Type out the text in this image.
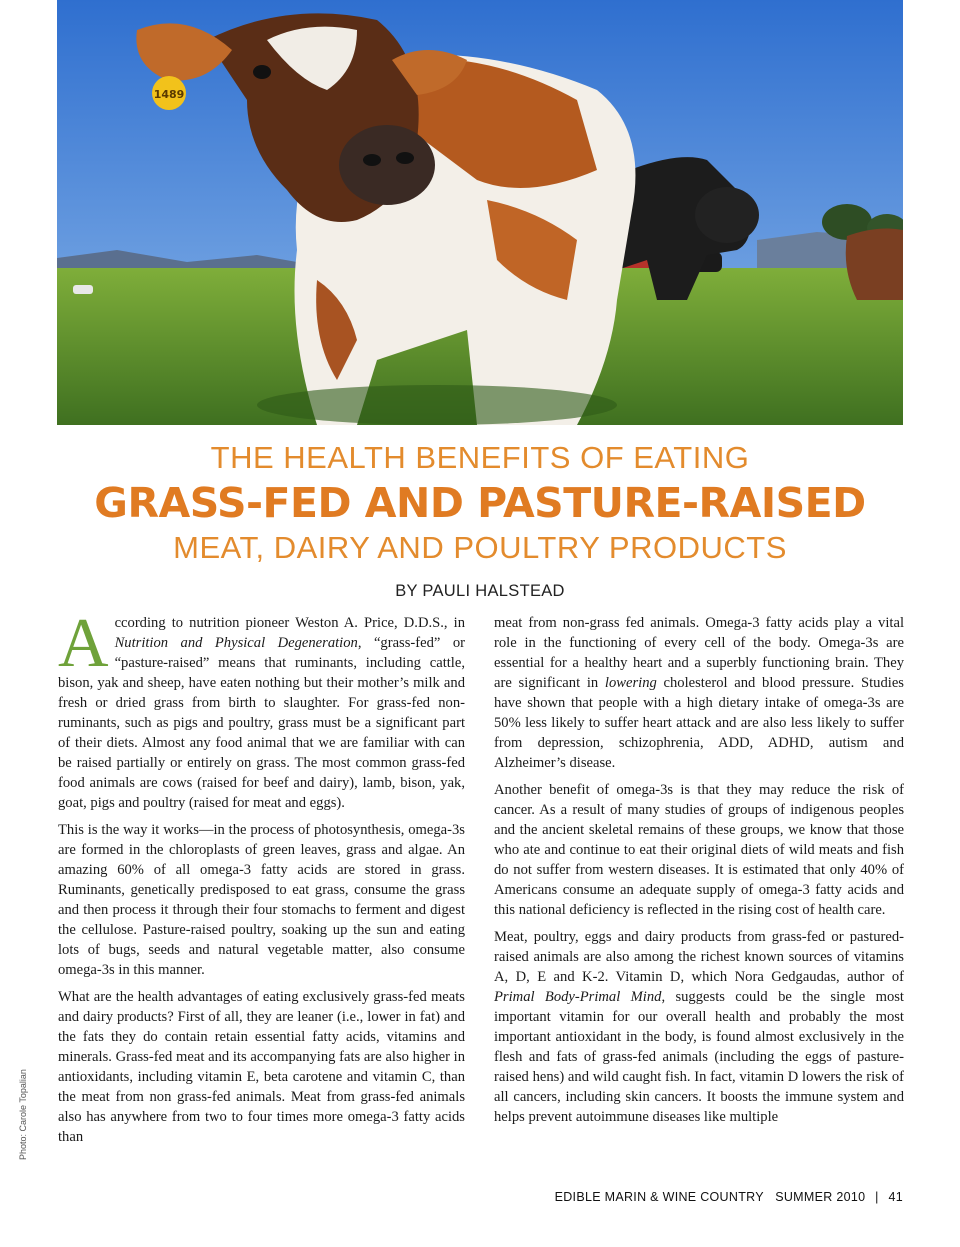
1489
THE HEALTH BENEFITS OF EATING
GRASS-FED AND PASTURE-RAISED
MEAT, DAIRY AND POULTRY PRODUCTS
BY PAULI HALSTEAD

According to nutrition pioneer Weston A. Price, D.D.S., in Nutrition and Physical Degeneration, “grass-fed” or “pasture-raised” means that ruminants, including cattle, bison, yak and sheep, have eaten nothing but their mother’s milk and fresh or dried grass from birth to slaughter. For grass-fed non-ruminants, such as pigs and poultry, grass must be a significant part of their diets. Almost any food animal that we are familiar with can be raised partially or entirely on grass. The most common grass-fed food animals are cows (raised for beef and dairy), lamb, bison, yak, goat, pigs and poultry (raised for meat and eggs).

This is the way it works—in the process of photosynthesis, omega-3s are formed in the chloroplasts of green leaves, grass and algae. An amazing 60% of all omega-3 fatty acids are stored in grass. Ruminants, genetically predisposed to eat grass, consume the grass and then process it through their four stomachs to ferment and digest the cellulose. Pasture-raised poultry, soaking up the sun and eating lots of bugs, seeds and natural vegetable matter, also consume omega-3s in this manner.

What are the health advantages of eating exclusively grass-fed meats and dairy products? First of all, they are leaner (i.e., lower in fat) and the fats they do contain retain essential fatty acids, vitamins and minerals. Grass-fed meat and its accompanying fats are also higher in antioxidants, including vitamin E, beta carotene and vitamin C, than the meat from non grass-fed animals. Meat from grass-fed animals also has anywhere from two to four times more omega-3 fatty acids than

meat from non-grass fed animals. Omega-3 fatty acids play a vital role in the functioning of every cell of the body. Omega-3s are essential for a healthy heart and a superbly functioning brain. They are significant in lowering cholesterol and blood pressure. Studies have shown that people with a high dietary intake of omega-3s are 50% less likely to suffer heart attack and are also less likely to suffer from depression, schizophrenia, ADD, ADHD, autism and Alzheimer’s disease.

Another benefit of omega-3s is that they may reduce the risk of cancer. As a result of many studies of groups of indigenous peoples and the ancient skeletal remains of these groups, we know that those who ate and continue to eat their original diets of wild meats and fish do not suffer from western diseases. It is estimated that only 40% of Americans consume an adequate supply of omega-3 fatty acids and this national deficiency is reflected in the rising cost of health care.

Meat, poultry, eggs and dairy products from grass-fed or pastured-raised animals are also among the richest known sources of vitamins A, D, E and K-2. Vitamin D, which Nora Gedgaudas, author of Primal Body-Primal Mind, suggests could be the single most important vitamin for our overall health and probably the most important antioxidant in the body, is found almost exclusively in the flesh and fats of grass-fed animals (including the eggs of pasture-raised hens) and wild caught fish. In fact, vitamin D lowers the risk of all cancers, including skin cancers. It boosts the immune system and helps prevent autoimmune diseases like multiple

Photo: Carole Topalian
EDIBLE MARIN & WINE COUNTRY SUMMER 2010 | 41
